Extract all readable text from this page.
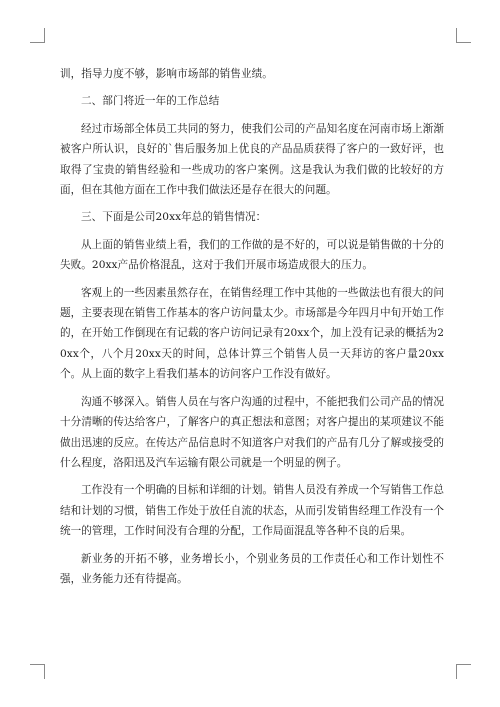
训，指导力度不够，影响市场部的销售业绩。

二、部门将近一年的工作总结

经过市场部全体员工共同的努力，使我们公司的产品知名度在河南市场上渐渐被客户所认识，良好的`售后服务加上优良的产品品质获得了客户的一致好评，也取得了宝贵的销售经验和一些成功的客户案例。这是我认为我们做的比较好的方面，但在其他方面在工作中我们做法还是存在很大的问题。

三、下面是公司20xx年总的销售情况：

从上面的销售业绩上看，我们的工作做的是不好的，可以说是销售做的十分的失败。20xx产品价格混乱，这对于我们开展市场造成很大的压力。

客观上的一些因素虽然存在，在销售经理工作中其他的一些做法也有很大的问题，主要表现在销售工作基本的客户访问量太少。市场部是今年四月中旬开始工作的，在开始工作倒现在有记载的客户访问记录有20xx个，加上没有记录的概括为20xx个，八个月20xx天的时间，总体计算三个销售人员一天拜访的客户量20xx个。从上面的数字上看我们基本的访问客户工作没有做好。

沟通不够深入。销售人员在与客户沟通的过程中，不能把我们公司产品的情况十分清晰的传达给客户，了解客户的真正想法和意图；对客户提出的某项建议不能做出迅速的反应。在传达产品信息时不知道客户对我们的产品有几分了解或接受的什么程度，洛阳迅及汽车运输有限公司就是一个明显的例子。

工作没有一个明确的目标和详细的计划。销售人员没有养成一个写销售工作总结和计划的习惯，销售工作处于放任自流的状态，从而引发销售经理工作没有一个统一的管理，工作时间没有合理的分配，工作局面混乱等各种不良的后果。

新业务的开拓不够，业务增长小，个别业务员的工作责任心和工作计划性不强，业务能力还有待提高。
